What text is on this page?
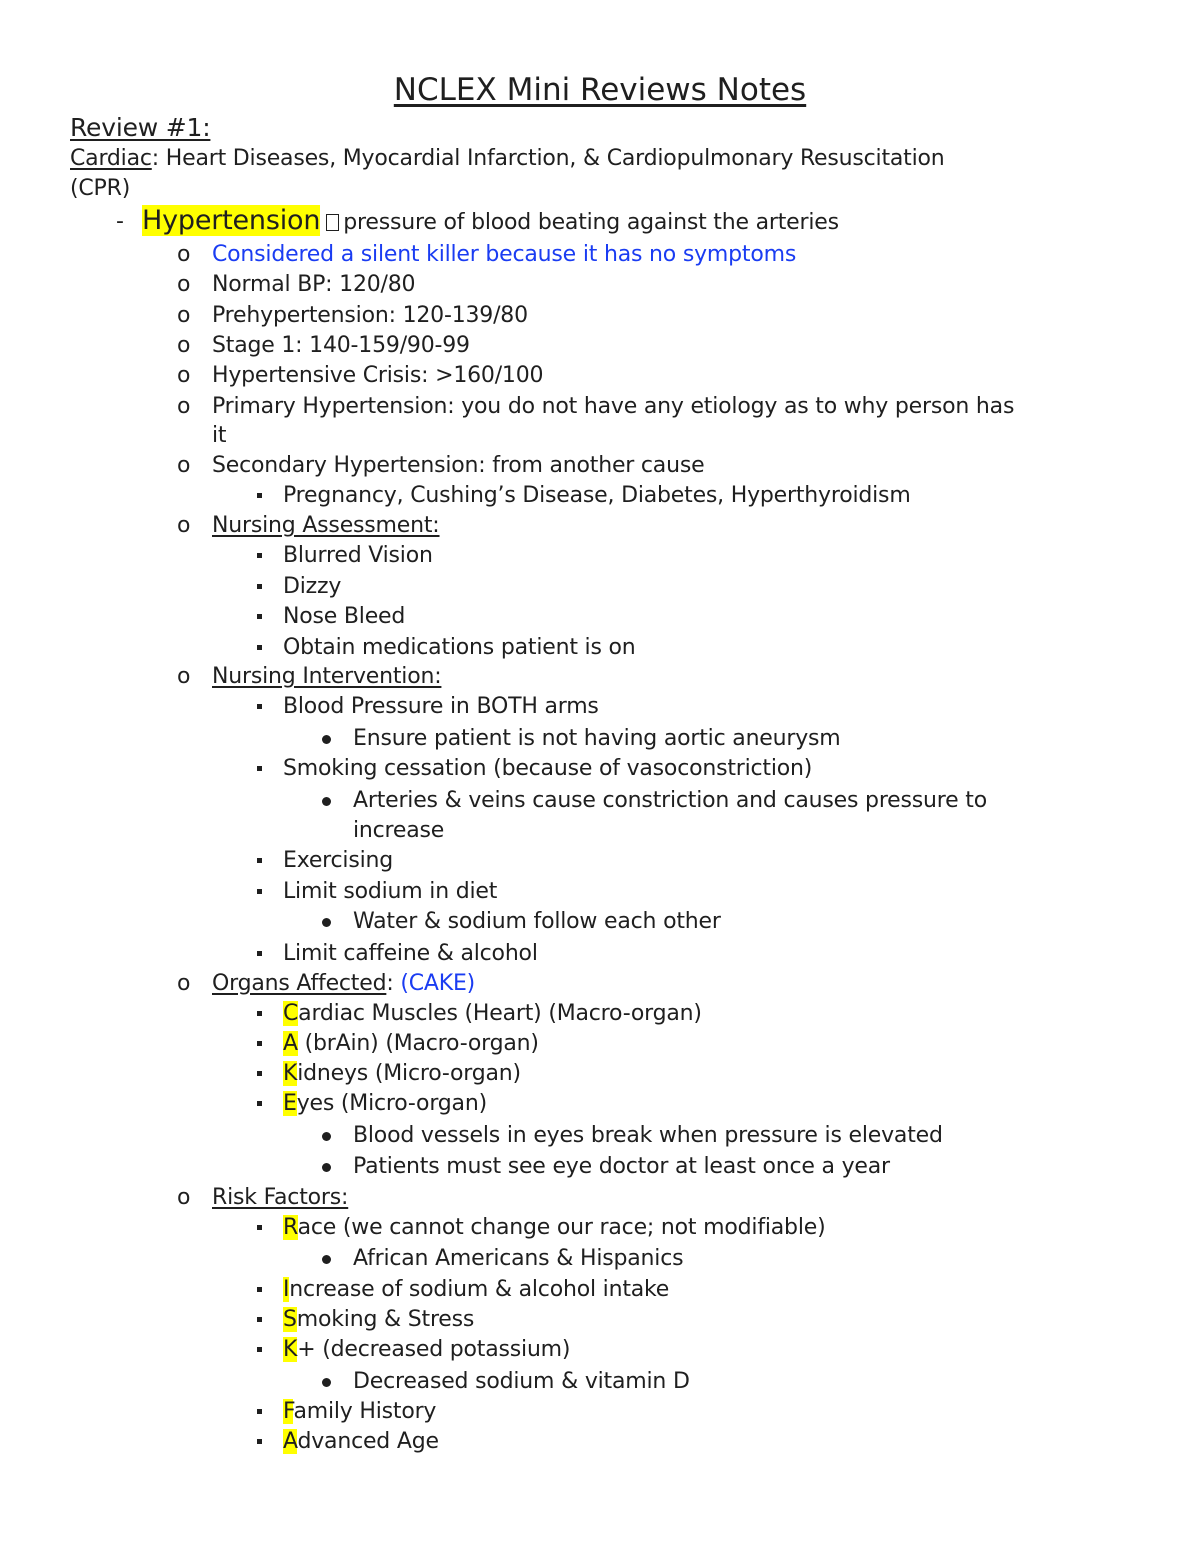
NCLEX Mini Reviews Notes
Review #1:
Cardiac: Heart Diseases, Myocardial Infarction, & Cardiopulmonary Resuscitation
(CPR)
- Hypertension pressure of blood beating against the arteries
o Considered a silent killer because it has no symptoms
o Normal BP: 120/80
o Prehypertension: 120-139/80
o Stage 1: 140-159/90-99
o Hypertensive Crisis: >160/100
o Primary Hypertension: you do not have any etiology as to why person has
it
o Secondary Hypertension: from another cause
Pregnancy, Cushing’s Disease, Diabetes, Hyperthyroidism
o Nursing Assessment:
Blurred Vision
Dizzy
Nose Bleed
Obtain medications patient is on
o Nursing Intervention:
Blood Pressure in BOTH arms
Ensure patient is not having aortic aneurysm
Smoking cessation (because of vasoconstriction)
Arteries & veins cause constriction and causes pressure to
increase
Exercising
Limit sodium in diet
Water & sodium follow each other
Limit caffeine & alcohol
o Organs Affected: (CAKE)
Cardiac Muscles (Heart) (Macro-organ)
A (brAin) (Macro-organ)
Kidneys (Micro-organ)
Eyes (Micro-organ)
Blood vessels in eyes break when pressure is elevated
Patients must see eye doctor at least once a year
o Risk Factors:
Race (we cannot change our race; not modifiable)
African Americans & Hispanics
Increase of sodium & alcohol intake
Smoking & Stress
K+ (decreased potassium)
Decreased sodium & vitamin D
Family History
Advanced Age
